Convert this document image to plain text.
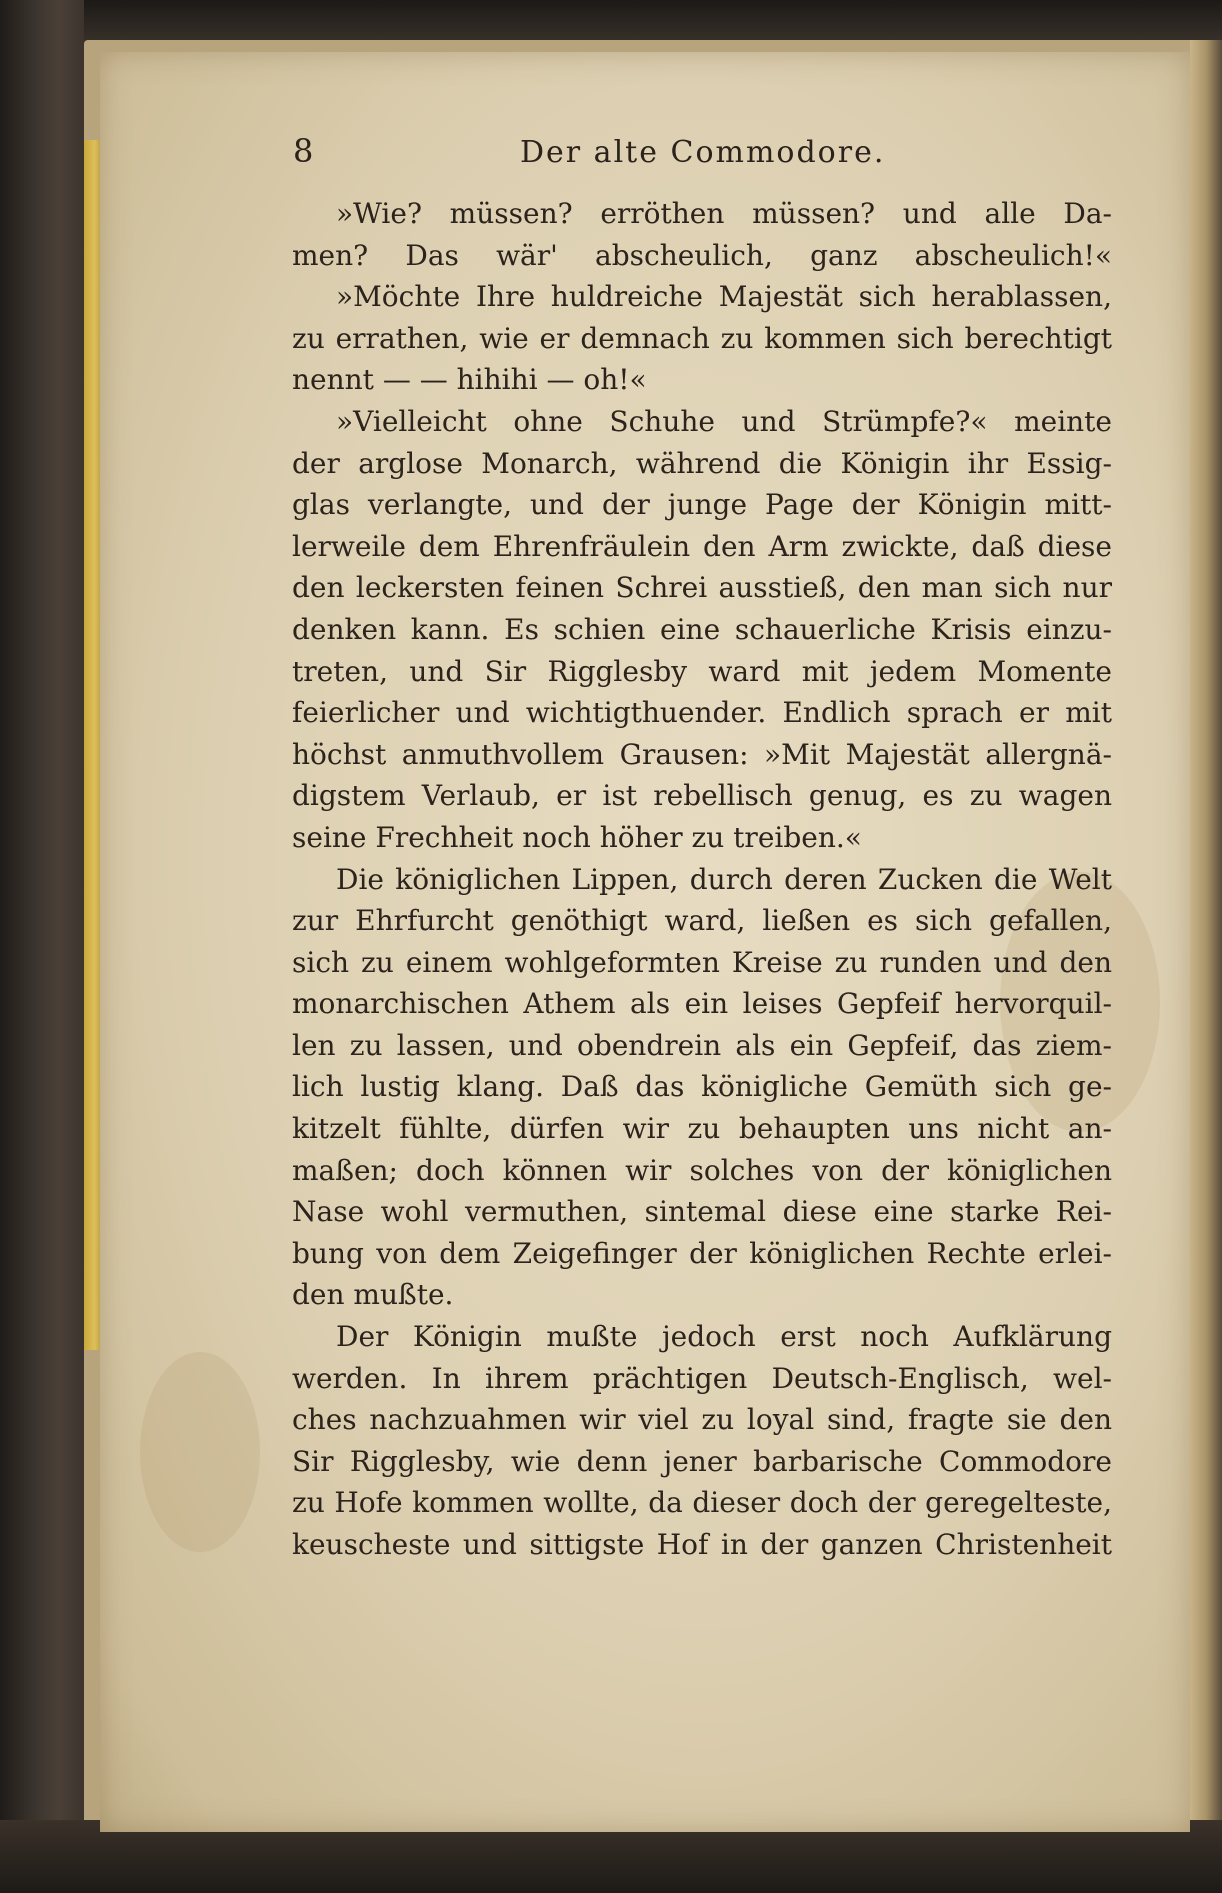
8	Der alte Commodore.
»Wie? müssen? erröthen müssen? und alle Da-
men? Das wär' abscheulich, ganz abscheulich!«
»Möchte Ihre huldreiche Majestät sich herablassen,
zu errathen, wie er demnach zu kommen sich berechtigt
nennt — — hihihi — oh!«
»Vielleicht ohne Schuhe und Strümpfe?« meinte
der arglose Monarch, während die Königin ihr Essig-
glas verlangte, und der junge Page der Königin mitt-
lerweile dem Ehrenfräulein den Arm zwickte, daß diese
den leckersten feinen Schrei ausstieß, den man sich nur
denken kann. Es schien eine schauerliche Krisis einzu-
treten, und Sir Rigglesby ward mit jedem Momente
feierlicher und wichtigthuender. Endlich sprach er mit
höchst anmuthvollem Grausen: »Mit Majestät allergnä-
digstem Verlaub, er ist rebellisch genug, es zu wagen
seine Frechheit noch höher zu treiben.«
Die königlichen Lippen, durch deren Zucken die Welt
zur Ehrfurcht genöthigt ward, ließen es sich gefallen,
sich zu einem wohlgeformten Kreise zu runden und den
monarchischen Athem als ein leises Gepfeif hervorquil-
len zu lassen, und obendrein als ein Gepfeif, das ziem-
lich lustig klang. Daß das königliche Gemüth sich ge-
kitzelt fühlte, dürfen wir zu behaupten uns nicht an-
maßen; doch können wir solches von der königlichen
Nase wohl vermuthen, sintemal diese eine starke Rei-
bung von dem Zeigefinger der königlichen Rechte erlei-
den mußte.
Der Königin mußte jedoch erst noch Aufklärung
werden. In ihrem prächtigen Deutsch-Englisch, wel-
ches nachzuahmen wir viel zu loyal sind, fragte sie den
Sir Rigglesby, wie denn jener barbarische Commodore
zu Hofe kommen wollte, da dieser doch der geregelteste,
keuscheste und sittigste Hof in der ganzen Christenheit
